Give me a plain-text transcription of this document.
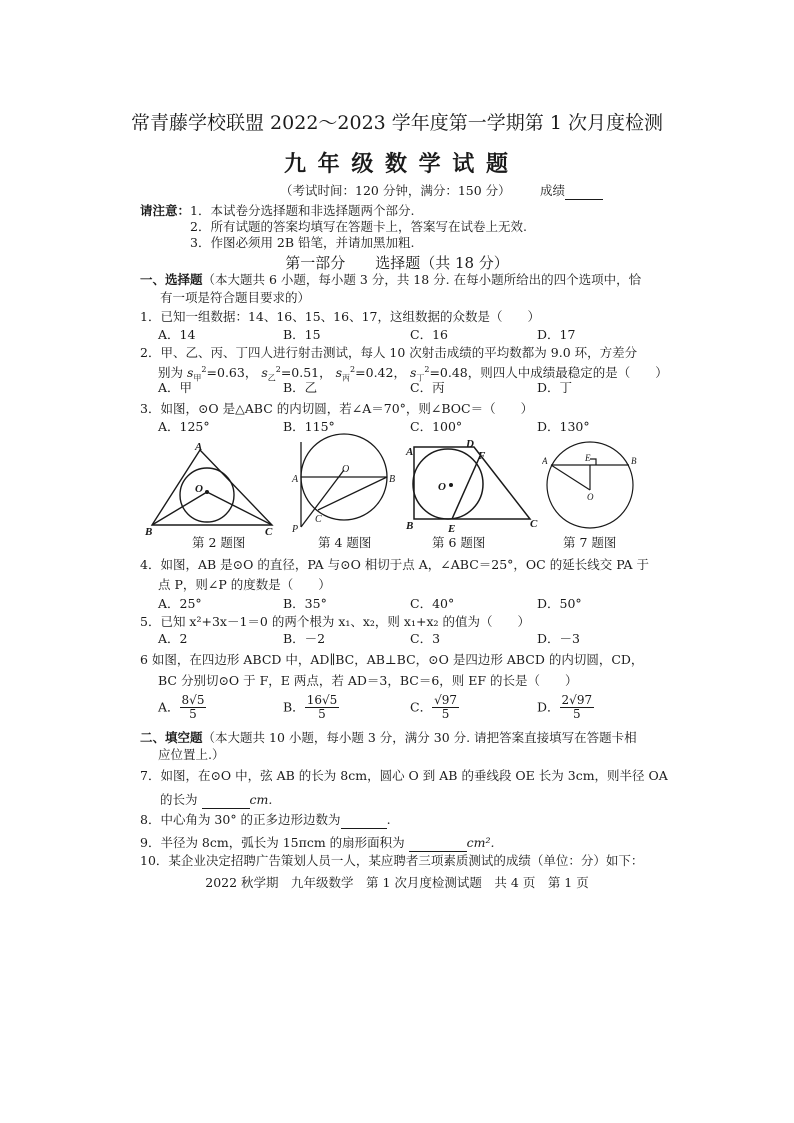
常青藤学校联盟 2022～2023 学年度第一学期第 1 次月度检测
九 年 级 数 学 试 题
（考试时间：120 分钟，满分：150 分） 成绩
请注意： 1．本试卷分选择题和非选择题两个部分.
2．所有试题的答案均填写在答题卡上，答案写在试卷上无效.
3．作图必须用 2B 铅笔，并请加黑加粗.
第一部分　　选择题（共 18 分）
一、选择题（本大题共 6 小题，每小题 3 分，共 18 分. 在每小题所给出的四个选项中，恰
有一项是符合题目要求的）
1．已知一组数据：14、16、15、16、17，这组数据的众数是（　　）
A．14	B．15	C．16	D．17
2．甲、乙、丙、丁四人进行射击测试，每人 10 次射击成绩的平均数都为 9.0 环，方差分
别为 $s_甲^2=0.63$， $s_乙^2=0.51$， $s_丙^2=0.42$， $s_丁^2=0.48$，则四人中成绩最稳定的是（　　）
A．甲	B．乙	C．丙	D．丁
3．如图，⊙O 是△ABC 的内切圆，若∠A＝70°，则∠BOC＝（　　）
A．125°	B．115°	C．100°	D．130°
A
B	C
O
第 2 题图
A	B
C
O
P
第 4 题图
A
B	C
D
E
F
O
第 6 题图
A	B
E
O
第 7 题图
4．如图，AB 是⊙O 的直径，PA 与⊙O 相切于点 A，∠ABC＝25°，OC 的延长线交 PA 于
点 P，则∠P 的度数是（　　）
A．25°	B．35°	C．40°	D．50°
5．已知 x²+3x－1＝0 的两个根为 x₁、x₂，则 x₁+x₂ 的值为（　　）
A．2	B．－2	C．3	D．－3
6 如图，在四边形 ABCD 中，AD∥BC，AB⊥BC，⊙O 是四边形 ABCD 的内切圆，CD，
BC 分别切⊙O 于 F，E 两点，若 AD＝3，BC＝6，则 EF 的长是（　　）
A． $\frac{8√5}{5}$	B． $\frac{16√5}{5}$	C． $\frac{√97}{5}$	D． $\frac{2√97}{5}$
二、填空题（本大题共 10 小题，每小题 3 分，满分 30 分. 请把答案直接填写在答题卡相
应位置上.）
7．如图，在⊙O 中，弦 AB 的长为 8cm，圆心 O 到 AB 的垂线段 OE 长为 3cm，则半径 OA
的长为	cm.
8．中心角为 30° 的正多边形边数为	.
9．半径为 8cm，弧长为 15πcm 的扇形面积为	cm².
10．某企业决定招聘广告策划人员一人，某应聘者三项素质测试的成绩（单位：分）如下：
2022 秋学期　九年级数学　第 1 次月度检测试题　共 4 页　第 1 页
